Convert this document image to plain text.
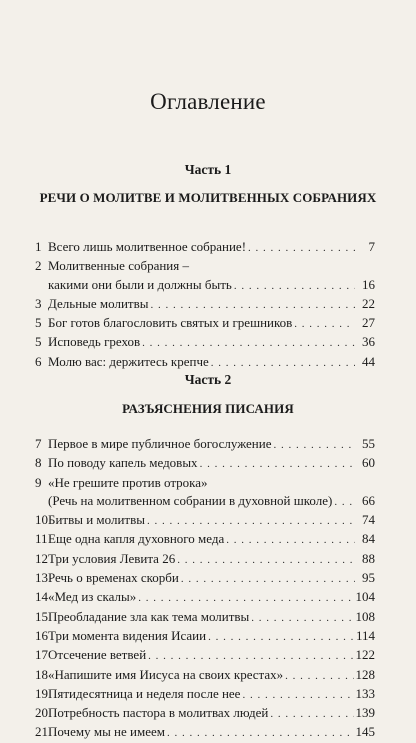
Оглавление
Часть 1
РЕЧИ О МОЛИТВЕ И МОЛИТВЕННЫХ СОБРАНИЯХ
1 Всего лишь молитвенное собрание! . . .	7
2 Молитвенные собрания –
какими они были и должны быть . . .	16
3 Дельные молитвы . . .	22
5 Бог готов благословить святых и грешников . . .	27
5 Исповедь грехов . . .	36
6 Молю вас: держитесь крепче . . .	44
Часть 2
РАЗЪЯСНЕНИЯ ПИСАНИЯ
7 Первое в мире публичное богослужение . . .	55
8 По поводу капель медовых . . .	60
9 «Не грешите против отрока»
(Речь на молитвенном собрании в духовной школе) . . .	66
10 Битвы и молитвы . . .	74
11 Еще одна капля духовного меда . . .	84
12 Три условия Левита 26 . . .	88
13 Речь о временах скорби . . .	95
14 «Мед из скалы» . . .	104
15 Преобладание зла как тема молитвы . . .	108
16 Три момента видения Исаии . . .	114
17 Отсечение ветвей . . .	122
18 «Напишите имя Иисуса на своих крестах» . . .	128
19 Пятидесятница и неделя после нее . . .	133
20 Потребность пастора в молитвах людей . . .	139
21 Почему мы не имеем . . .	145
